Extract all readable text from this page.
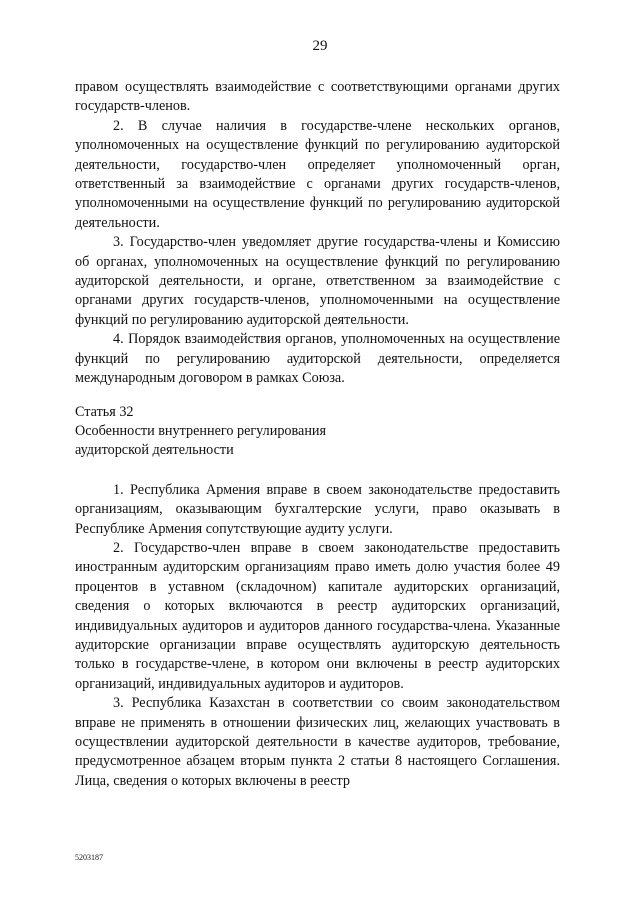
29

правом осуществлять взаимодействие с соответствующими органами других государств-членов.

2. В случае наличия в государстве-члене нескольких органов, уполномоченных на осуществление функций по регулированию аудиторской деятельности, государство-член определяет уполномоченный орган, ответственный за взаимодействие с органами других государств-членов, уполномоченными на осуществление функций по регулированию аудиторской деятельности.

3. Государство-член уведомляет другие государства-члены и Комиссию об органах, уполномоченных на осуществление функций по регулированию аудиторской деятельности, и органе, ответственном за взаимодействие с органами других государств-членов, уполномоченными на осуществление функций по регулированию аудиторской деятельности.

4. Порядок взаимодействия органов, уполномоченных на осуществление функций по регулированию аудиторской деятельности, определяется международным договором в рамках Союза.

Статья 32

Особенности внутреннего регулирования

аудиторской деятельности

1. Республика Армения вправе в своем законодательстве предоставить организациям, оказывающим бухгалтерские услуги, право оказывать в Республике Армения сопутствующие аудиту услуги.

2. Государство-член вправе в своем законодательстве предоставить иностранным аудиторским организациям право иметь долю участия более 49 процентов в уставном (складочном) капитале аудиторских организаций, сведения о которых включаются в реестр аудиторских организаций, индивидуальных аудиторов и аудиторов данного государства-члена. Указанные аудиторские организации вправе осуществлять аудиторскую деятельность только в государстве-члене, в котором они включены в реестр аудиторских организаций, индивидуальных аудиторов и аудиторов.

3. Республика Казахстан в соответствии со своим законодательством вправе не применять в отношении физических лиц, желающих участвовать в осуществлении аудиторской деятельности в качестве аудиторов, требование, предусмотренное абзацем вторым пункта 2 статьи 8 настоящего Соглашения. Лица, сведения о которых включены в реестр

5203187
